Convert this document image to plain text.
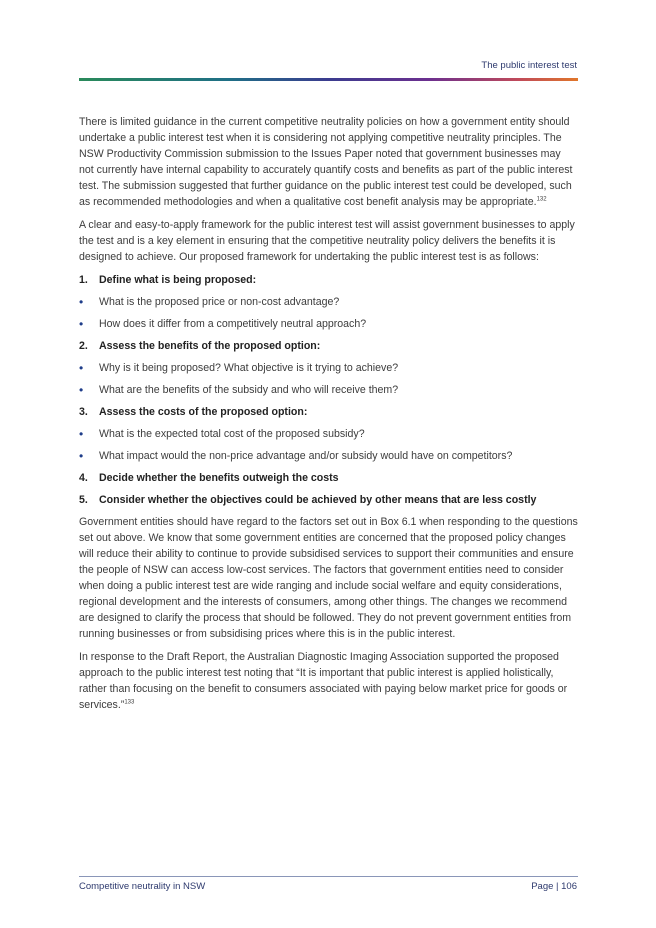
The public interest test

There is limited guidance in the current competitive neutrality policies on how a government entity should undertake a public interest test when it is considering not applying competitive neutrality principles. The NSW Productivity Commission submission to the Issues Paper noted that government businesses may not currently have internal capability to accurately quantify costs and benefits as part of the public interest test. The submission suggested that further guidance on the public interest test could be developed, such as recommended methodologies and when a qualitative cost benefit analysis may be appropriate.$^{132}$

A clear and easy-to-apply framework for the public interest test will assist government businesses to apply the test and is a key element in ensuring that the competitive neutrality policy delivers the benefits it is designed to achieve. Our proposed framework for undertaking the public interest test is as follows:

1. Define what is being proposed:
• What is the proposed price or non-cost advantage?
• How does it differ from a competitively neutral approach?
2. Assess the benefits of the proposed option:
• Why is it being proposed? What objective is it trying to achieve?
• What are the benefits of the subsidy and who will receive them?
3. Assess the costs of the proposed option:
• What is the expected total cost of the proposed subsidy?
• What impact would the non-price advantage and/or subsidy would have on competitors?
4. Decide whether the benefits outweigh the costs
5. Consider whether the objectives could be achieved by other means that are less costly

Government entities should have regard to the factors set out in Box 6.1 when responding to the questions set out above. We know that some government entities are concerned that the proposed policy changes will reduce their ability to continue to provide subsidised services to support their communities and ensure the people of NSW can access low-cost services. The factors that government entities need to consider when doing a public interest test are wide ranging and include social welfare and equity considerations, regional development and the interests of consumers, among other things. The changes we recommend are designed to clarify the process that should be followed. They do not prevent government entities from running businesses or from subsidising prices where this is in the public interest.

In response to the Draft Report, the Australian Diagnostic Imaging Association supported the proposed approach to the public interest test noting that “It is important that public interest is applied holistically, rather than focusing on the benefit to consumers associated with paying below market price for goods or services.”$^{133}$

Competitive neutrality in NSW	Page | 106
